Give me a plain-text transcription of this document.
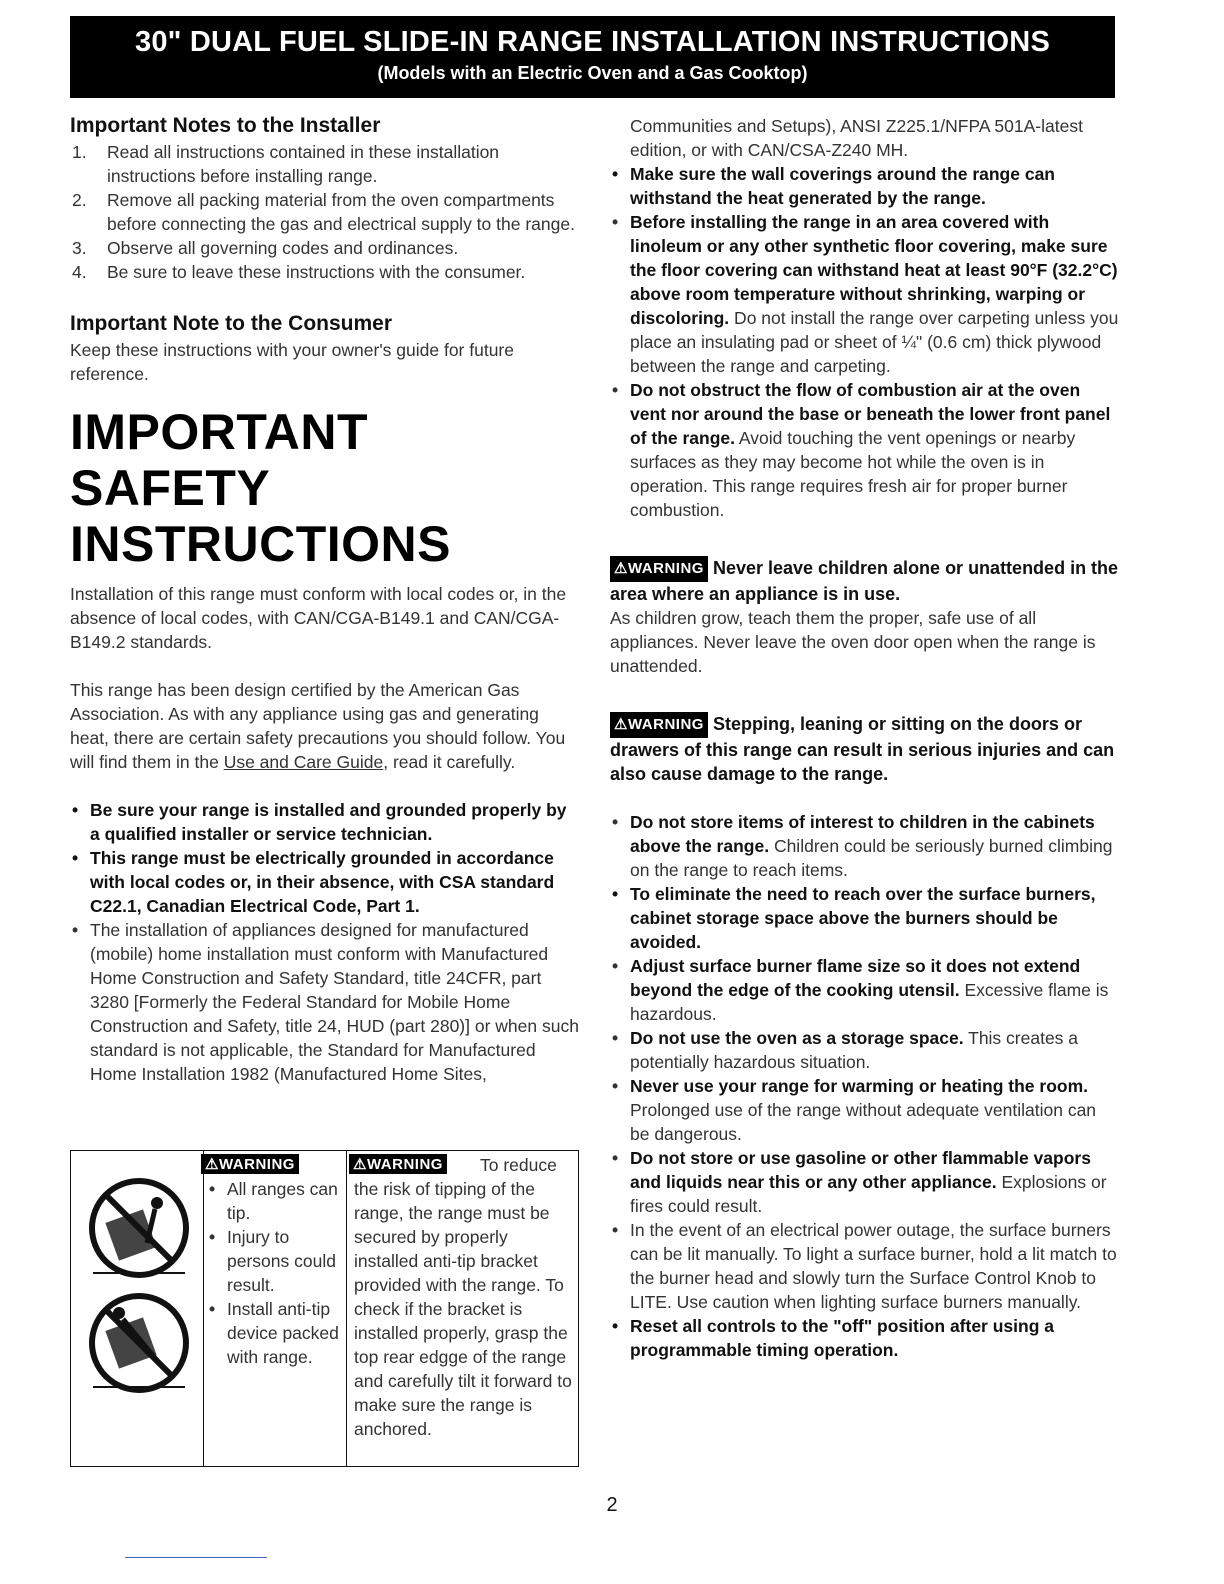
30" DUAL FUEL SLIDE-IN RANGE INSTALLATION INSTRUCTIONS
(Models with an Electric Oven and a Gas Cooktop)
Important Notes to the Installer
1. Read all instructions contained in these installation instructions before installing range.
2. Remove all packing material from the oven compartments before connecting the gas and electrical supply to the range.
3. Observe all governing codes and ordinances.
4. Be sure to leave these instructions with the consumer.
Important Note to the Consumer

Keep these instructions with your owner's guide for future reference.

IMPORTANT SAFETY
INSTRUCTIONS

Installation of this range must conform with local codes or, in the absence of local codes, with CAN/CGA-B149.1 and CAN/CGA-B149.2 standards.

This range has been design certified by the American Gas Association. As with any appliance using gas and generating heat, there are certain safety precautions you should follow. You will find them in the Use and Care Guide, read it carefully.

• Be sure your range is installed and grounded properly by a qualified installer or service technician.
• This range must be electrically grounded in accordance with local codes or, in their absence, with CSA standard C22.1, Canadian Electrical Code, Part 1.
• The installation of appliances designed for manufactured (mobile) home installation must conform with Manufactured Home Construction and Safety Standard, title 24CFR, part 3280 [Formerly the Federal Standard for Mobile Home Construction and Safety, title 24, HUD (part 280)] or when such standard is not applicable, the Standard for Manufactured Home Installation 1982 (Manufactured Home Sites,
⚠WARNING	⚠WARNING
• All ranges can tip.
• Injury to persons could result.
• Install anti-tip device packed with range.

To reduce the risk of tipping of the range, the range must be secured by properly installed anti-tip bracket provided with the range. To check if the bracket is installed properly, grasp the top rear edgge of the range and carefully tilt it forward to make sure the range is anchored.

Communities and Setups), ANSI Z225.1/NFPA 501A-latest edition, or with CAN/CSA-Z240 MH.

• Make sure the wall coverings around the range can withstand the heat generated by the range.
• Before installing the range in an area covered with linoleum or any other synthetic floor covering, make sure the floor covering can withstand heat at least 90°F (32.2°C) above room temperature without shrinking, warping or discoloring. Do not install the range over carpeting unless you place an insulating pad or sheet of ¼" (0.6 cm) thick plywood between the range and carpeting.
• Do not obstruct the flow of combustion air at the oven vent nor around the base or beneath the lower front panel of the range. Avoid touching the vent openings or nearby surfaces as they may become hot while the oven is in operation. This range requires fresh air for proper burner combustion.
⚠WARNING Never leave children alone or unattended in the area where an appliance is in use.

As children grow, teach them the proper, safe use of all appliances. Never leave the oven door open when the range is unattended.

⚠WARNING Stepping, leaning or sitting on the doors or drawers of this range can result in serious injuries and can also cause damage to the range.
• Do not store items of interest to children in the cabinets above the range. Children could be seriously burned climbing on the range to reach items.
• To eliminate the need to reach over the surface burners, cabinet storage space above the burners should be avoided.
• Adjust surface burner flame size so it does not extend beyond the edge of the cooking utensil. Excessive flame is hazardous.
• Do not use the oven as a storage space. This creates a potentially hazardous situation.
• Never use your range for warming or heating the room. Prolonged use of the range without adequate ventilation can be dangerous.
• Do not store or use gasoline or other flammable vapors and liquids near this or any other appliance. Explosions or fires could result.
• In the event of an electrical power outage, the surface burners can be lit manually. To light a surface burner, hold a lit match to the burner head and slowly turn the Surface Control Knob to LITE. Use caution when lighting surface burners manually.
• Reset all controls to the "off" position after using a programmable timing operation.
2
